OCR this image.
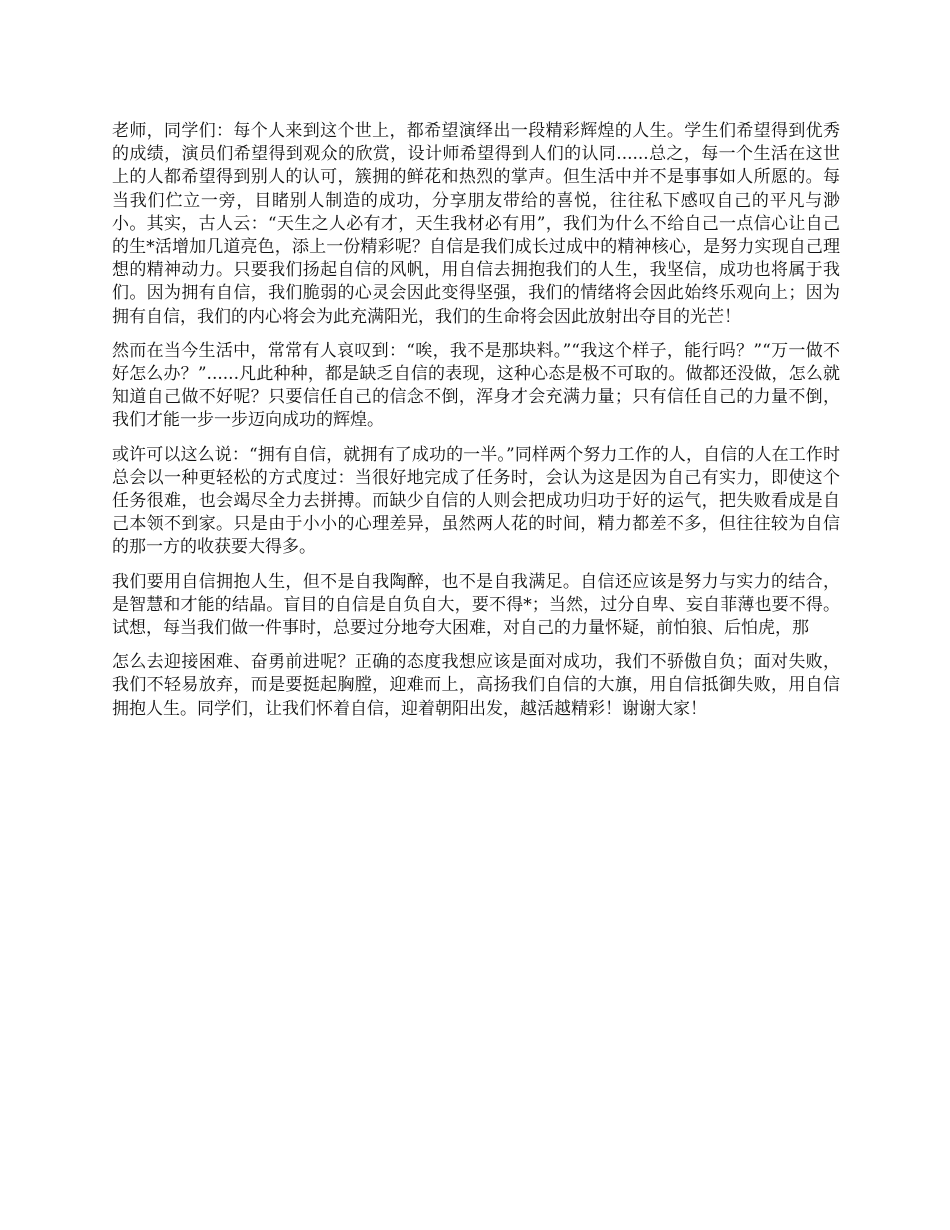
老师，同学们：每个人来到这个世上，都希望演绎出一段精彩辉煌的人生。学生们希望得到优秀的成绩，演员们希望得到观众的欣赏，设计师希望得到人们的认同......总之，每一个生活在这世上的人都希望得到别人的认可，簇拥的鲜花和热烈的掌声。但生活中并不是事事如人所愿的。每当我们伫立一旁，目睹别人制造的成功，分享朋友带给的喜悦，往往私下感叹自己的平凡与渺小。其实，古人云：“天生之人必有才，天生我材必有用”，我们为什么不给自己一点信心让自己的生*活增加几道亮色，添上一份精彩呢？自信是我们成长过成中的精神核心，是努力实现自己理想的精神动力。只要我们扬起自信的风帆，用自信去拥抱我们的人生，我坚信，成功也将属于我们。因为拥有自信，我们脆弱的心灵会因此变得坚强，我们的情绪将会因此始终乐观向上；因为拥有自信，我们的内心将会为此充满阳光，我们的生命将会因此放射出夺目的光芒！

然而在当今生活中，常常有人哀叹到：“唉，我不是那块料。”“我这个样子，能行吗？”“万一做不好怎么办？”......凡此种种，都是缺乏自信的表现，这种心态是极不可取的。做都还没做，怎么就知道自己做不好呢？只要信任自己的信念不倒，浑身才会充满力量；只有信任自己的力量不倒，我们才能一步一步迈向成功的辉煌。

或许可以这么说：“拥有自信，就拥有了成功的一半。”同样两个努力工作的人，自信的人在工作时总会以一种更轻松的方式度过：当很好地完成了任务时，会认为这是因为自己有实力，即使这个任务很难，也会竭尽全力去拼搏。而缺少自信的人则会把成功归功于好的运气，把失败看成是自己本领不到家。只是由于小小的心理差异，虽然两人花的时间，精力都差不多，但往往较为自信的那一方的收获要大得多。

我们要用自信拥抱人生，但不是自我陶醉，也不是自我满足。自信还应该是努力与实力的结合，是智慧和才能的结晶。盲目的自信是自负自大，要不得*；当然，过分自卑、妄自菲薄也要不得。试想，每当我们做一件事时，总要过分地夸大困难，对自己的力量怀疑，前怕狼、后怕虎，那

怎么去迎接困难、奋勇前进呢？正确的态度我想应该是面对成功，我们不骄傲自负；面对失败，我们不轻易放弃，而是要挺起胸膛，迎难而上，高扬我们自信的大旗，用自信抵御失败，用自信拥抱人生。同学们，让我们怀着自信，迎着朝阳出发，越活越精彩！谢谢大家！
